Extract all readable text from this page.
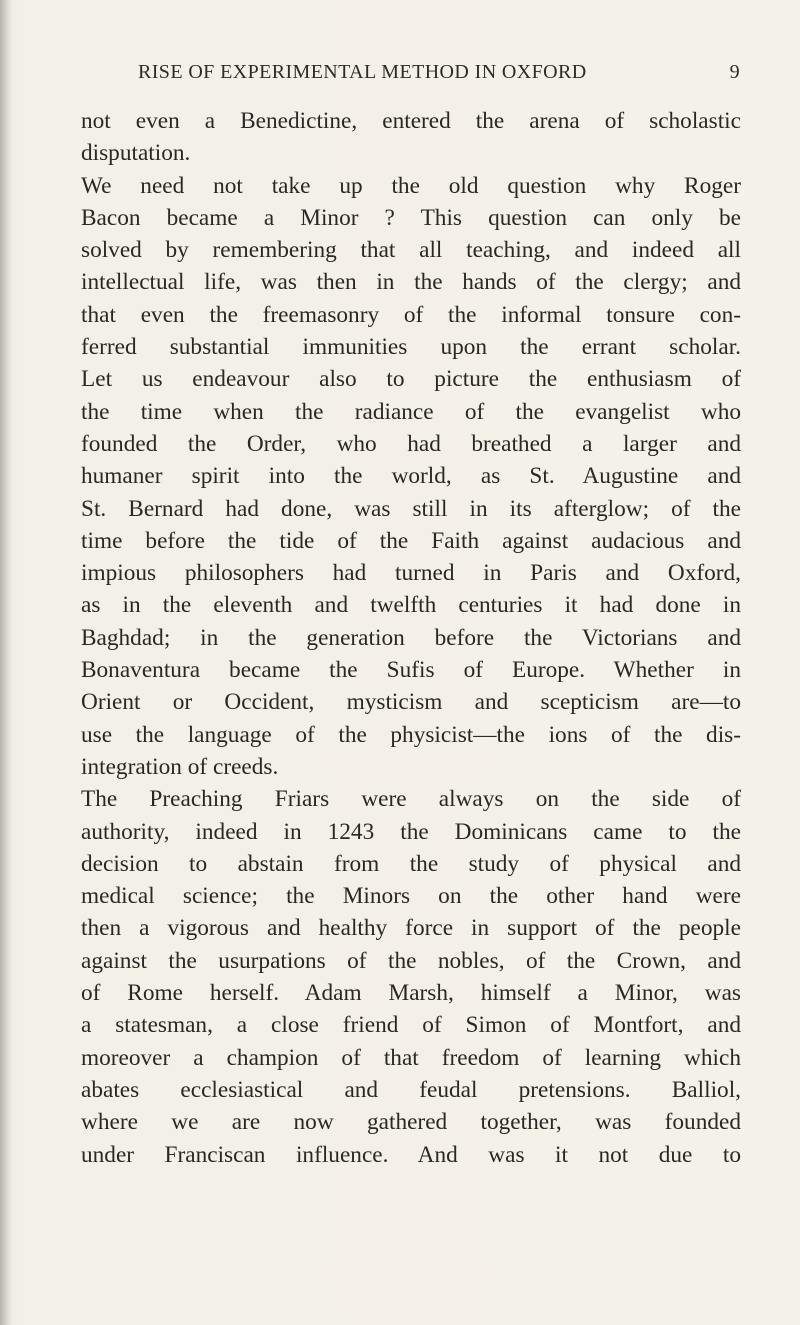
RISE OF EXPERIMENTAL METHOD IN OXFORD	9
not even a Benedictine, entered the arena of scholastic
disputation.
We need not take up the old question why Roger
Bacon became a Minor ? This question can only be
solved by remembering that all teaching, and indeed all
intellectual life, was then in the hands of the clergy; and
that even the freemasonry of the informal tonsure con-
ferred substantial immunities upon the errant scholar.
Let us endeavour also to picture the enthusiasm of
the time when the radiance of the evangelist who
founded the Order, who had breathed a larger and
humaner spirit into the world, as St. Augustine and
St. Bernard had done, was still in its afterglow; of the
time before the tide of the Faith against audacious and
impious philosophers had turned in Paris and Oxford,
as in the eleventh and twelfth centuries it had done in
Baghdad; in the generation before the Victorians and
Bonaventura became the Sufis of Europe. Whether in
Orient or Occident, mysticism and scepticism are—to
use the language of the physicist—the ions of the dis-
integration of creeds.
The Preaching Friars were always on the side of
authority, indeed in 1243 the Dominicans came to the
decision to abstain from the study of physical and
medical science; the Minors on the other hand were
then a vigorous and healthy force in support of the people
against the usurpations of the nobles, of the Crown, and
of Rome herself. Adam Marsh, himself a Minor, was
a statesman, a close friend of Simon of Montfort, and
moreover a champion of that freedom of learning which
abates ecclesiastical and feudal pretensions. Balliol,
where we are now gathered together, was founded
under Franciscan influence. And was it not due to
